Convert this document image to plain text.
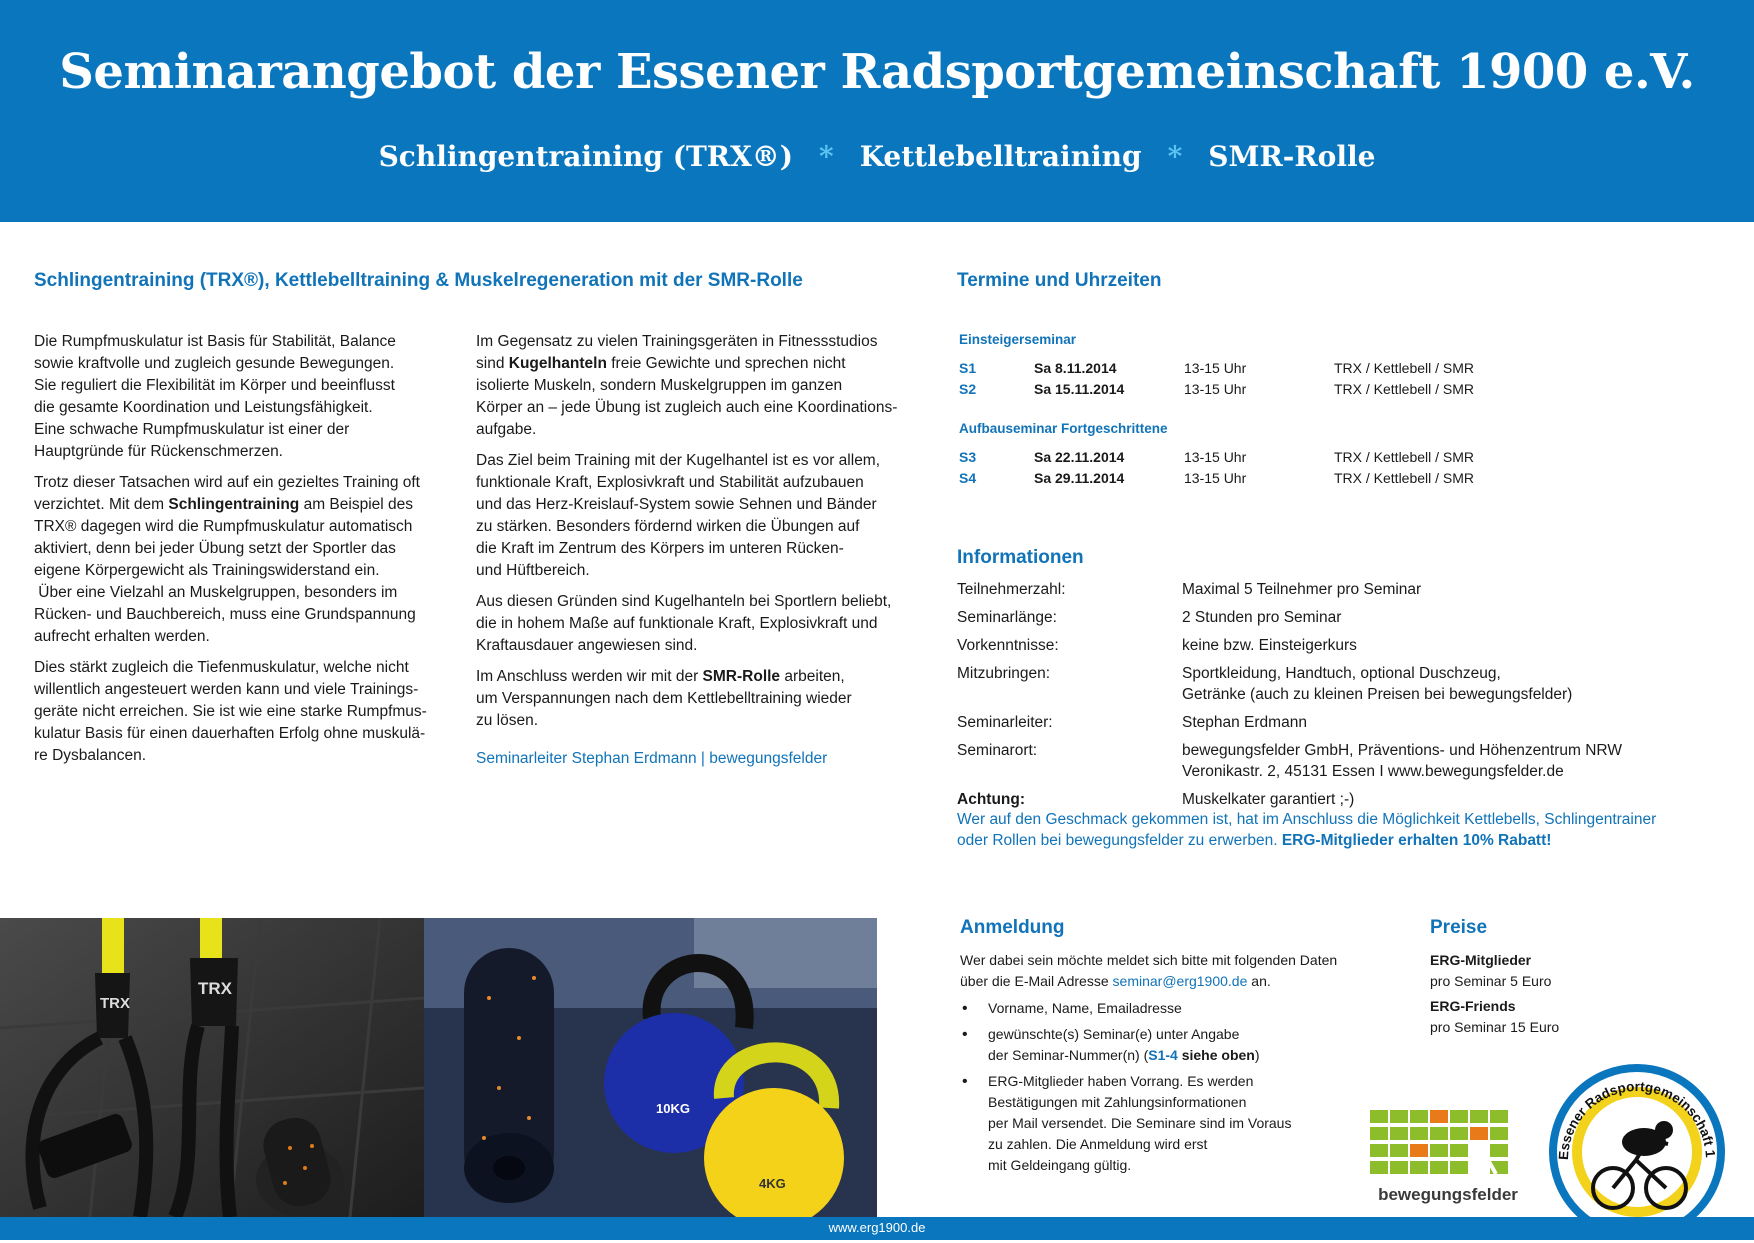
Seminarangebot der Essener Radsportgemeinschaft 1900 e.V.
Schlingentraining (TRX®) * Kettlebelltraining * SMR-Rolle
Schlingentraining (TRX®), Kettlebelltraining & Muskelregeneration mit der SMR-Rolle

Die Rumpfmuskulatur ist Basis für Stabilität, Balance
sowie kraftvolle und zugleich gesunde Bewegungen.
Sie reguliert die Flexibilität im Körper und beeinflusst
die gesamte Koordination und Leistungsfähigkeit.
Eine schwache Rumpfmuskulatur ist einer der
Hauptgründe für Rückenschmerzen.

Trotz dieser Tatsachen wird auf ein gezieltes Training oft
verzichtet. Mit dem Schlingentraining am Beispiel des
TRX® dagegen wird die Rumpfmuskulatur automatisch
aktiviert, denn bei jeder Übung setzt der Sportler das
eigene Körpergewicht als Trainingswiderstand ein.
Über eine Vielzahl an Muskelgruppen, besonders im
Rücken- und Bauchbereich, muss eine Grundspannung
aufrecht erhalten werden.

Dies stärkt zugleich die Tiefenmuskulatur, welche nicht
willentlich angesteuert werden kann und viele Trainings-
geräte nicht erreichen. Sie ist wie eine starke Rumpfmus-
kulatur Basis für einen dauerhaften Erfolg ohne muskulä-
re Dysbalancen.

Im Gegensatz zu vielen Trainingsgeräten in Fitnessstudios
sind Kugelhanteln freie Gewichte und sprechen nicht
isolierte Muskeln, sondern Muskelgruppen im ganzen
Körper an – jede Übung ist zugleich auch eine Koordinations-
aufgabe.

Das Ziel beim Training mit der Kugelhantel ist es vor allem,
funktionale Kraft, Explosivkraft und Stabilität aufzubauen
und das Herz-Kreislauf-System sowie Sehnen und Bänder
zu stärken. Besonders fördernd wirken die Übungen auf
die Kraft im Zentrum des Körpers im unteren Rücken-
und Hüftbereich.

Aus diesen Gründen sind Kugelhanteln bei Sportlern beliebt,
die in hohem Maße auf funktionale Kraft, Explosivkraft und
Kraftausdauer angewiesen sind.

Im Anschluss werden wir mit der SMR-Rolle arbeiten,
um Verspannungen nach dem Kettlebelltraining wieder
zu lösen.

Seminarleiter Stephan Erdmann | bewegungsfelder

Termine und Uhrzeiten
Einsteigerseminar
S1	Sa 8.11.2014	13-15 Uhr	TRX / Kettlebell / SMR
S2	Sa 15.11.2014	13-15 Uhr	TRX / Kettlebell / SMR
Aufbauseminar Fortgeschrittene
S3	Sa 22.11.2014	13-15 Uhr	TRX / Kettlebell / SMR
S4	Sa 29.11.2014	13-15 Uhr	TRX / Kettlebell / SMR
Informationen
Teilnehmerzahl:	Maximal 5 Teilnehmer pro Seminar
Seminarlänge:	2 Stunden pro Seminar
Vorkenntnisse:	keine bzw. Einsteigerkurs
Mitzubringen:	Sportkleidung, Handtuch, optional Duschzeug,
Getränke (auch zu kleinen Preisen bei bewegungsfelder)

Seminarleiter:	Stephan Erdmann
Seminarort:	bewegungsfelder GmbH, Präventions- und Höhenzentrum NRW
Veronikastr. 2, 45131 Essen I www.bewegungsfelder.de

Achtung:	Muskelkater garantiert ;-)
Wer auf den Geschmack gekommen ist, hat im Anschluss die Möglichkeit Kettlebells, Schlingentrainer
oder Rollen bei bewegungsfelder zu erwerben. ERG-Mitglieder erhalten 10% Rabatt!
TRX
TRX
10KG
4KG
Anmeldung
Wer dabei sein möchte meldet sich bitte mit folgenden Daten
über die E-Mail Adresse seminar@erg1900.de an.
• Vorname, Name, Emailadresse
• gewünschte(s) Seminar(e) unter Angabe
der Seminar-Nummer(n) (S1-4 siehe oben)
• ERG-Mitglieder haben Vorrang. Es werden
Bestätigungen mit Zahlungsinformationen
per Mail versendet. Die Seminare sind im Voraus
zu zahlen. Die Anmeldung wird erst
mit Geldeingang gültig.
Preise
ERG-Mitglieder
pro Seminar 5 Euro
ERG-Friends
pro Seminar 15 Euro
bewegungsfelder
Essener Radsportgemeinschaft 1
www.erg1900.de
